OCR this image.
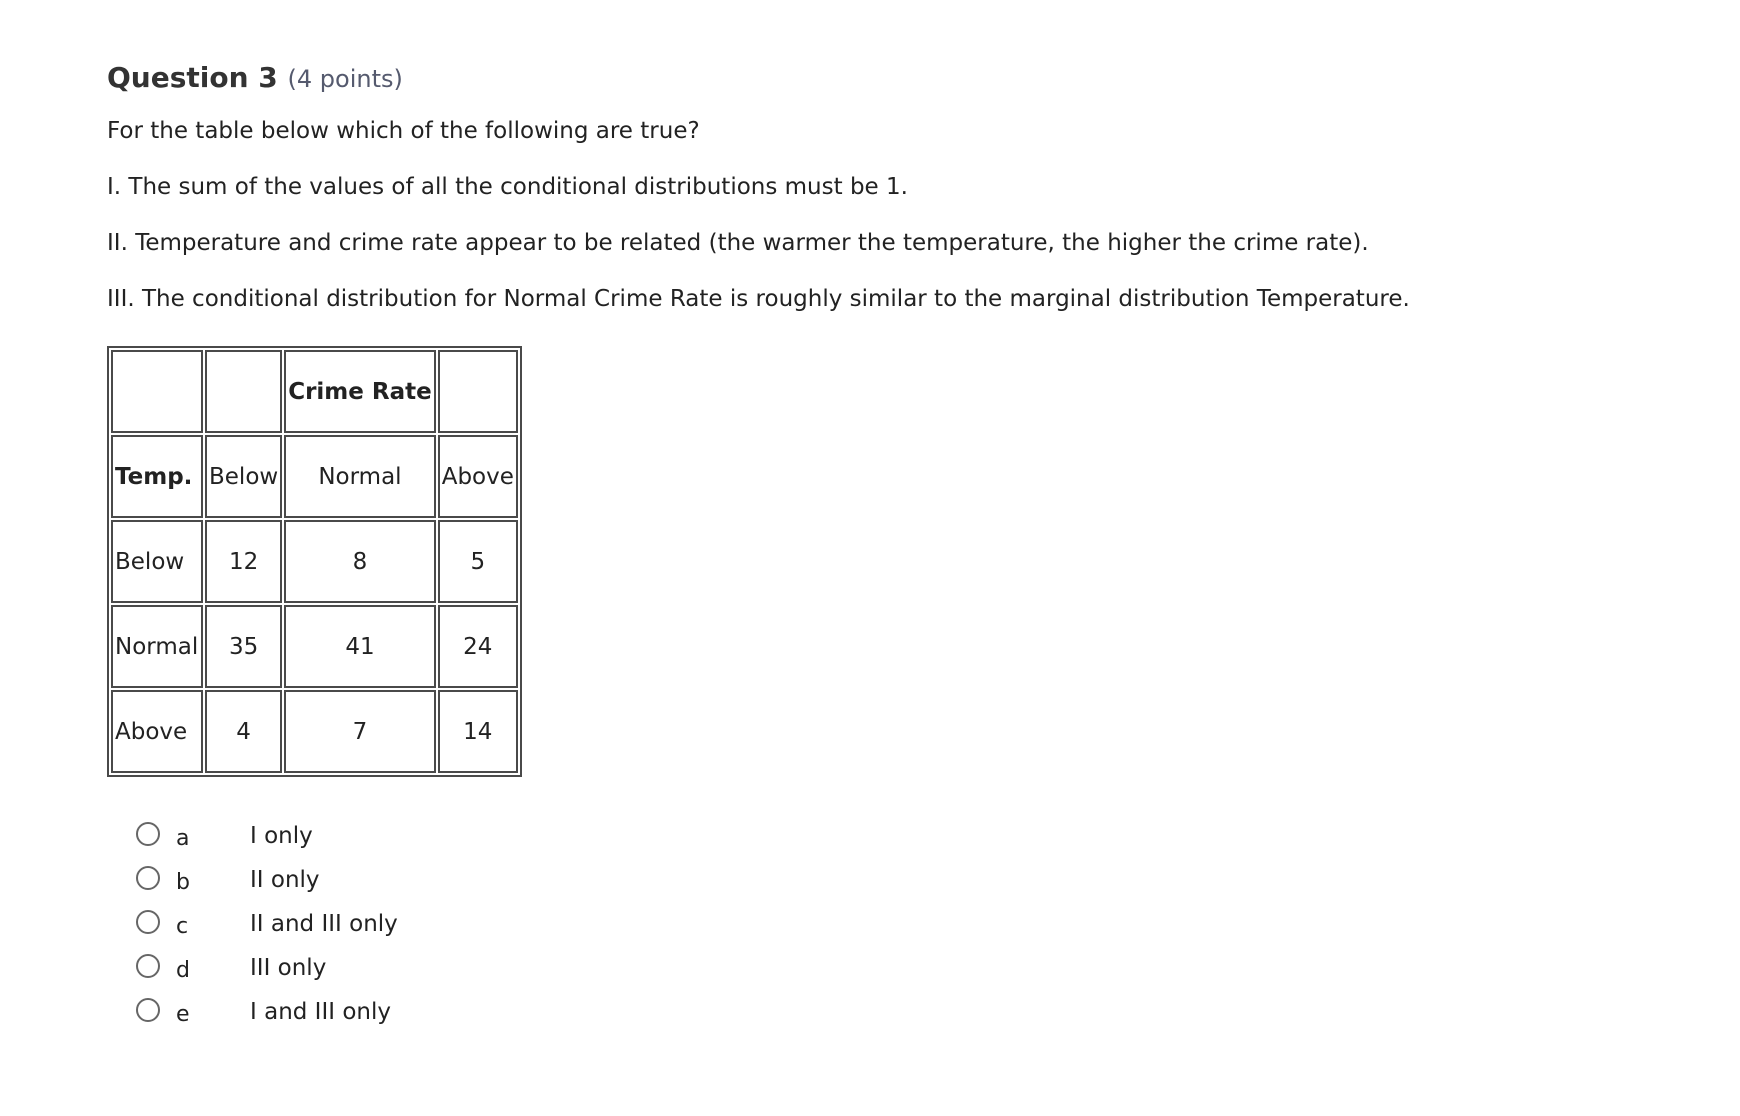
Question 3 (4 points)

For the table below which of the following are true?

I. The sum of the values of all the conditional distributions must be 1.

II. Temperature and crime rate appear to be related (the warmer the temperature, the higher the crime rate).

III. The conditional distribution for Normal Crime Rate is roughly similar to the marginal distribution Temperature.

		Crime Rate	
Temp.	Below	Normal	Above
Below	12	8	5
Normal	35	41	24
Above	4	7	14
a	I only
b	II only
c	II and III only
d	III only
e	I and III only
